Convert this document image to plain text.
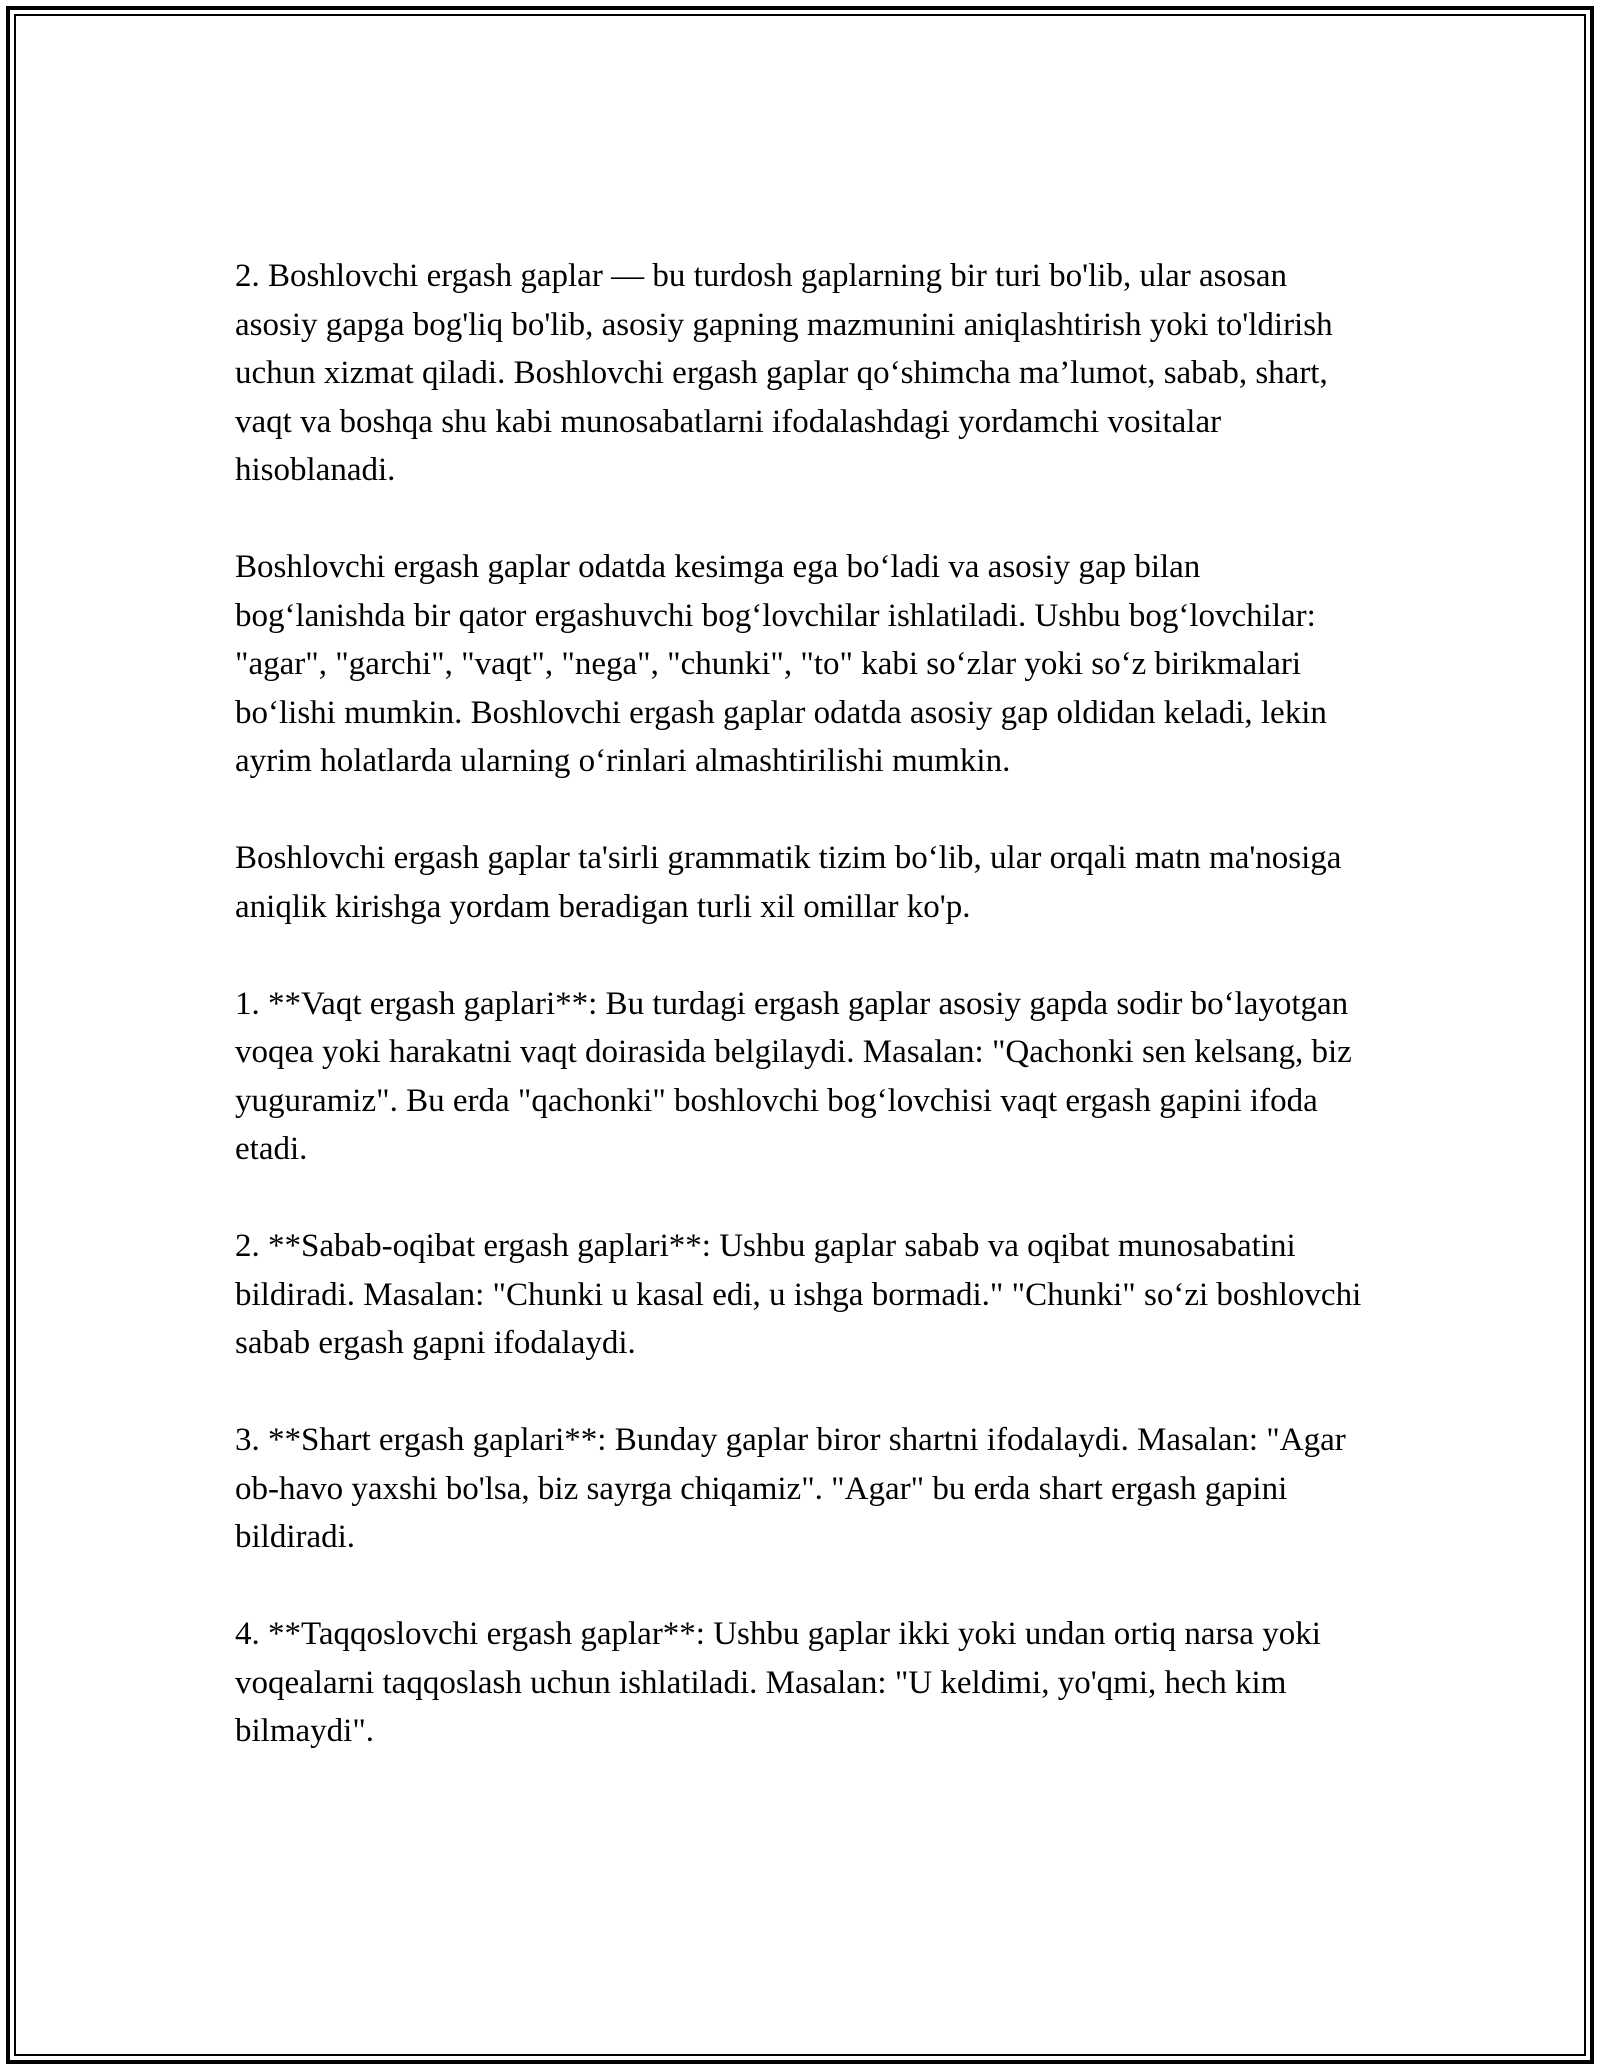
2. Boshlovchi ergash gaplar — bu turdosh gaplarning bir turi bo'lib, ular asosan asosiy gapga bog'liq bo'lib, asosiy gapning mazmunini aniqlashtirish yoki to'ldirish uchun xizmat qiladi. Boshlovchi ergash gaplar qo‘shimcha ma’lumot, sabab, shart, vaqt va boshqa shu kabi munosabatlarni ifodalashdagi yordamchi vositalar hisoblanadi.

Boshlovchi ergash gaplar odatda kesimga ega bo‘ladi va asosiy gap bilan bog‘lanishda bir qator ergashuvchi bog‘lovchilar ishlatiladi. Ushbu bog‘lovchilar: "agar", "garchi", "vaqt", "nega", "chunki", "to" kabi so‘zlar yoki so‘z birikmalari bo‘lishi mumkin. Boshlovchi ergash gaplar odatda asosiy gap oldidan keladi, lekin ayrim holatlarda ularning o‘rinlari almashtirilishi mumkin.

Boshlovchi ergash gaplar ta'sirli grammatik tizim bo‘lib, ular orqali matn ma'nosiga aniqlik kirishga yordam beradigan turli xil omillar ko'p.

1. **Vaqt ergash gaplari**: Bu turdagi ergash gaplar asosiy gapda sodir bo‘layotgan voqea yoki harakatni vaqt doirasida belgilaydi. Masalan: "Qachonki sen kelsang, biz yuguramiz". Bu erda "qachonki" boshlovchi bog‘lovchisi vaqt ergash gapini ifoda etadi.

2. **Sabab-oqibat ergash gaplari**: Ushbu gaplar sabab va oqibat munosabatini bildiradi. Masalan: "Chunki u kasal edi, u ishga bormadi." "Chunki" so‘zi boshlovchi sabab ergash gapni ifodalaydi.

3. **Shart ergash gaplari**: Bunday gaplar biror shartni ifodalaydi. Masalan: "Agar ob-havo yaxshi bo'lsa, biz sayrga chiqamiz". "Agar" bu erda shart ergash gapini bildiradi.

4. **Taqqoslovchi ergash gaplar**: Ushbu gaplar ikki yoki undan ortiq narsa yoki voqealarni taqqoslash uchun ishlatiladi. Masalan: "U keldimi, yo'qmi, hech kim bilmaydi".
